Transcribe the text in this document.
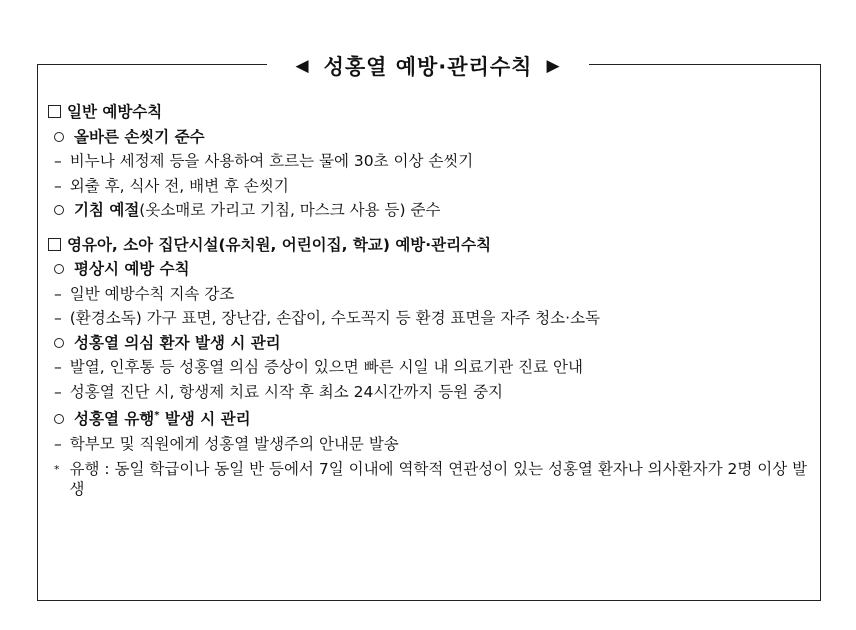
◀ 성홍열 예방·관리수칙 ▶
일반 예방수칙
올바른 손씻기 준수
– 비누나 세정제 등을 사용하여 흐르는 물에 30초 이상 손씻기
– 외출 후, 식사 전, 배변 후 손씻기
기침 예절(옷소매로 가리고 기침, 마스크 사용 등) 준수
영유아, 소아 집단시설(유치원, 어린이집, 학교) 예방·관리수칙
평상시 예방 수칙
– 일반 예방수칙 지속 강조
– (환경소독) 가구 표면, 장난감, 손잡이, 수도꼭지 등 환경 표면을 자주 청소·소독
성홍열 의심 환자 발생 시 관리
– 발열, 인후통 등 성홍열 의심 증상이 있으면 빠른 시일 내 의료기관 진료 안내
– 성홍열 진단 시, 항생제 치료 시작 후 최소 24시간까지 등원 중지
성홍열 유행* 발생 시 관리
– 학부모 및 직원에게 성홍열 발생주의 안내문 발송
* 유행 : 동일 학급이나 동일 반 등에서 7일 이내에 역학적 연관성이 있는 성홍열 환자나 의사환자가 2명 이상 발생
